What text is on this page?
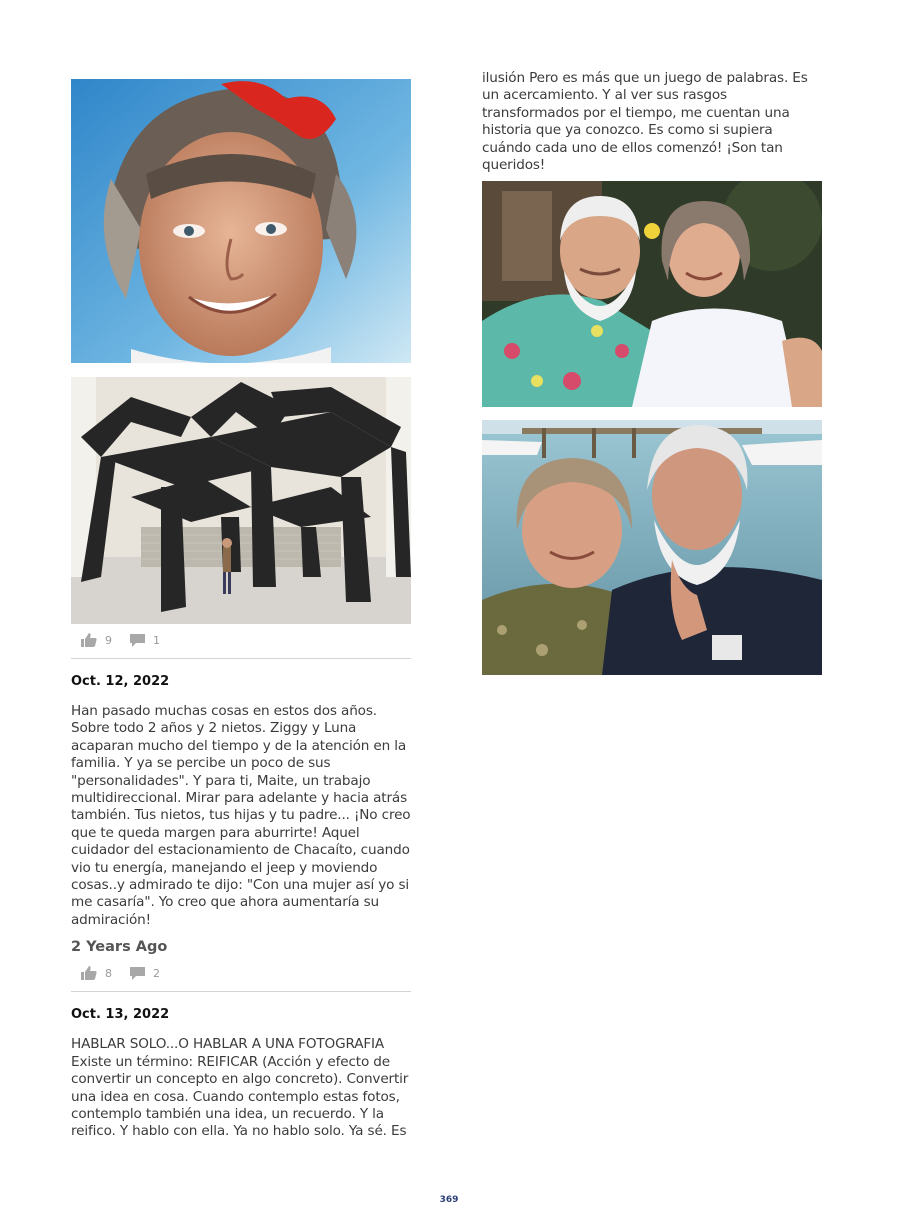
9	1
Oct. 12, 2022
Han pasado muchas cosas en estos dos años. Sobre todo 2 años y 2 nietos. Ziggy y Luna acaparan mucho del tiempo y de la atención en la familia. Y ya se percibe un poco de sus "personalidades". Y para ti, Maite, un trabajo multidireccional. Mirar para adelante y hacia atrás también. Tus nietos, tus hijas y tu padre... ¡No creo que te queda margen para aburrirte! Aquel cuidador del estacionamiento de Chacaíto, cuando vio tu energía, manejando el jeep y moviendo cosas..y admirado te dijo: "Con una mujer así yo si me casaría". Yo creo que ahora aumentaría su admiración!
2 Years Ago
8	2
Oct. 13, 2022
HABLAR SOLO...O HABLAR A UNA FOTOGRAFIA
Existe un término: REIFICAR (Acción y efecto de convertir un concepto en algo concreto). Convertir una idea en cosa. Cuando contemplo estas fotos, contemplo también una idea, un recuerdo. Y la reifico. Y hablo con ella. Ya no hablo solo. Ya sé. Es
ilusión Pero es más que un juego de palabras. Es un acercamiento. Y al ver sus rasgos transformados por el tiempo, me cuentan una historia que ya conozco. Es como si supiera cuándo cada uno de ellos comenzó! ¡Son tan queridos!
369
